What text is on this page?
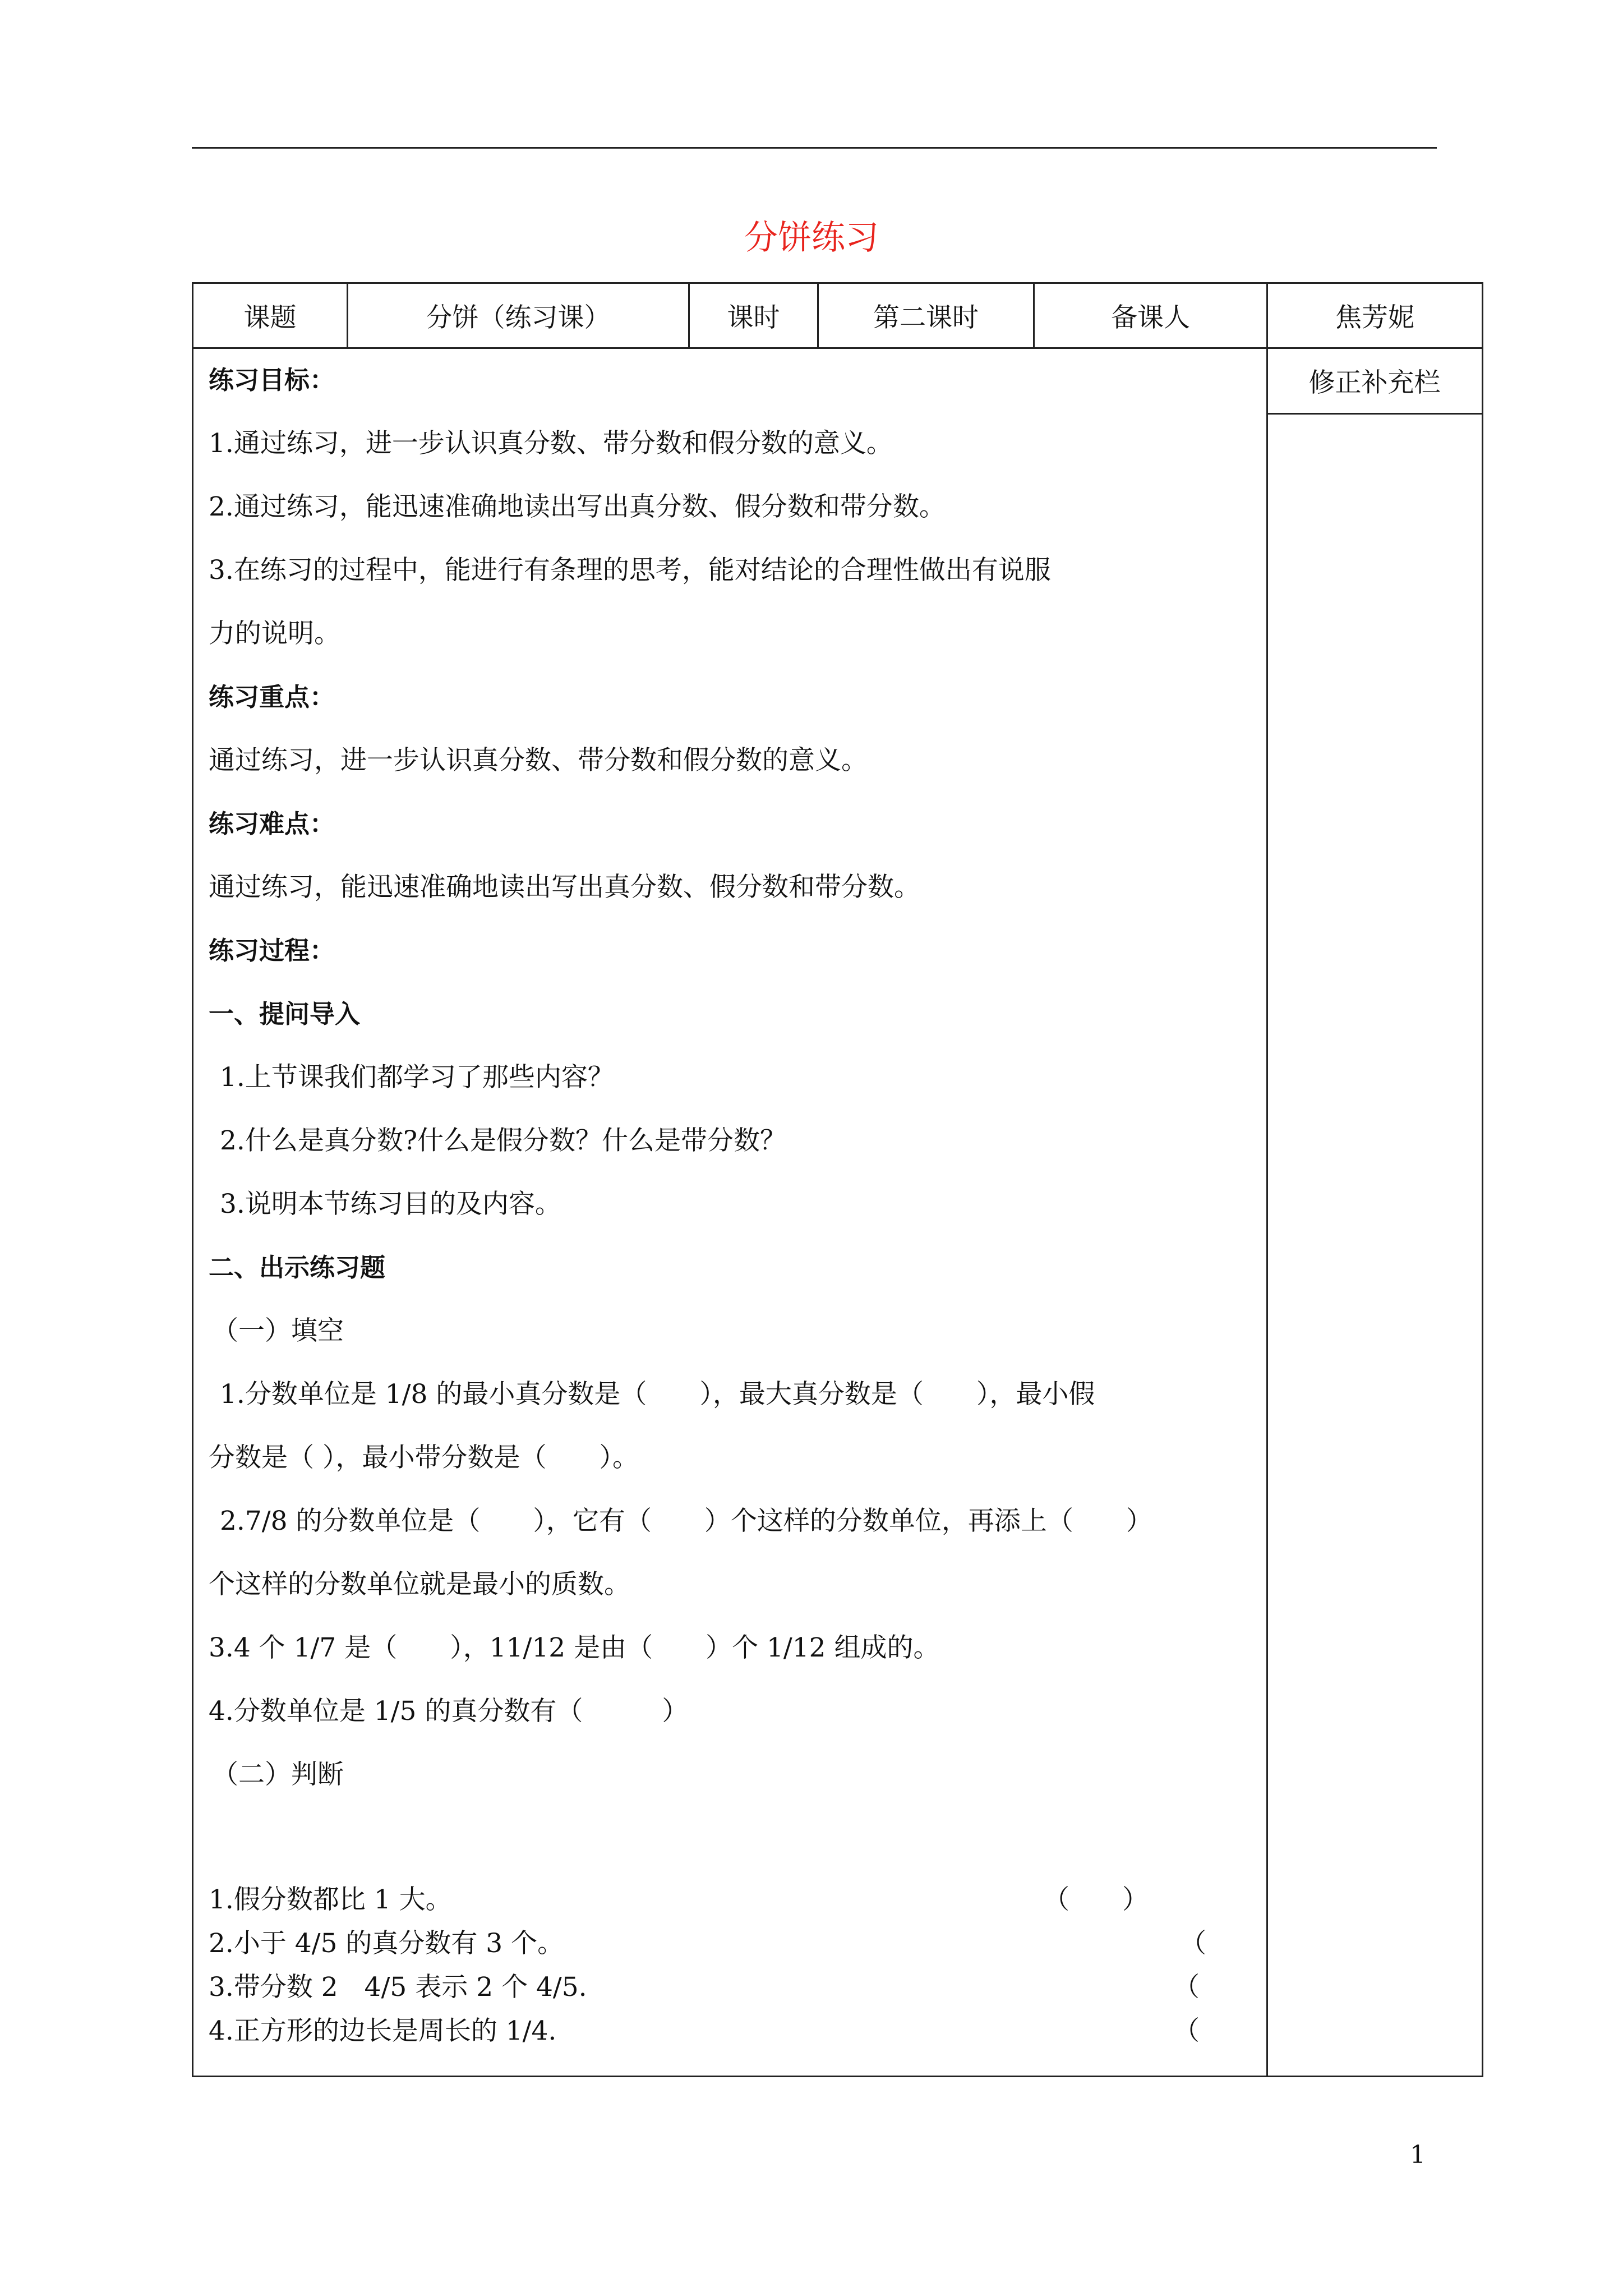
分饼练习
课题	分饼（练习课）	课时	第二课时	备课人	焦芳妮
修正补充栏
练习目标：
1.通过练习，进一步认识真分数、带分数和假分数的意义。
2.通过练习，能迅速准确地读出写出真分数、假分数和带分数。
3.在练习的过程中，能进行有条理的思考，能对结论的合理性做出有说服
力的说明。
练习重点：
通过练习，进一步认识真分数、带分数和假分数的意义。
练习难点：
通过练习，能迅速准确地读出写出真分数、假分数和带分数。
练习过程：
一、提问导入
1.上节课我们都学习了那些内容？
2.什么是真分数?什么是假分数？什么是带分数？
3.说明本节练习目的及内容。
二、出示练习题
（一）填空
1.分数单位是 1/8 的最小真分数是（　　），最大真分数是（　　），最小假
分数是（ ），最小带分数是（　　）。
2.7/8 的分数单位是（　　），它有（　　）个这样的分数单位，再添上（　　）
个这样的分数单位就是最小的质数。
3.4 个 1/7 是（　　），11/12 是由（　　）个 1/12 组成的。
4.分数单位是 1/5 的真分数有（　　　）
（二）判断
1.假分数都比 1 大。	（　　）
2.小于 4/5 的真分数有 3 个。	（
3.带分数 2　4/5 表示 2 个 4/5.	（
4.正方形的边长是周长的 1/4.	（
1
